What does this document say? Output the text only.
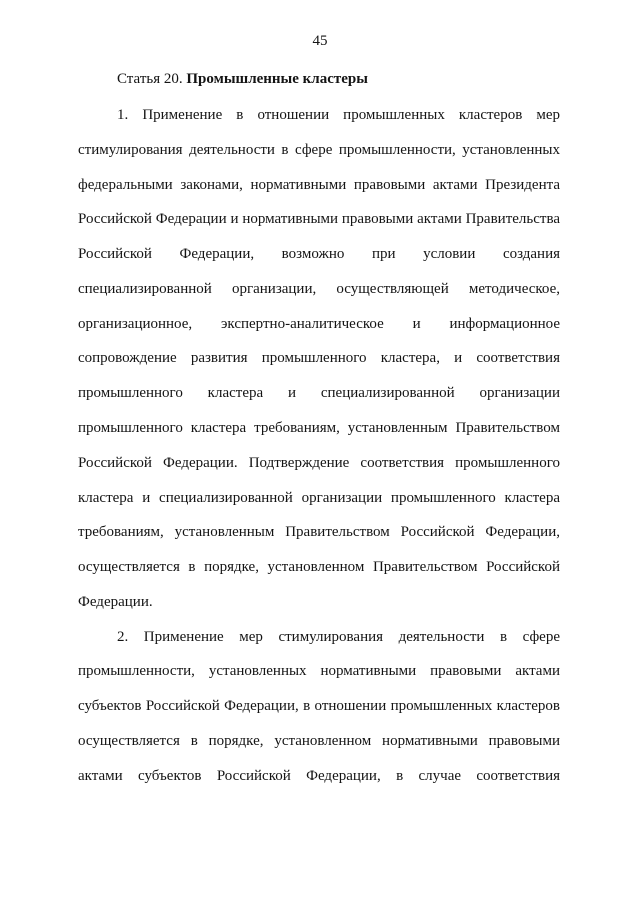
45
Статья 20. Промышленные кластеры
1. Применение в отношении промышленных кластеров мер
стимулирования деятельности в сфере промышленности, установленных
федеральными законами, нормативными правовыми актами Президента
Российской Федерации и нормативными правовыми актами Правительства
Российской Федерации, возможно при условии создания
специализированной организации, осуществляющей методическое,
организационное, экспертно-аналитическое и информационное
сопровождение развития промышленного кластера, и соответствия
промышленного кластера и специализированной организации
промышленного кластера требованиям, установленным Правительством
Российской Федерации. Подтверждение соответствия промышленного
кластера и специализированной организации промышленного кластера
требованиям, установленным Правительством Российской Федерации,
осуществляется в порядке, установленном Правительством Российской
Федерации.
2. Применение мер стимулирования деятельности в сфере
промышленности, установленных нормативными правовыми актами
субъектов Российской Федерации, в отношении промышленных кластеров
осуществляется в порядке, установленном нормативными правовыми
актами субъектов Российской Федерации, в случае соответствия
